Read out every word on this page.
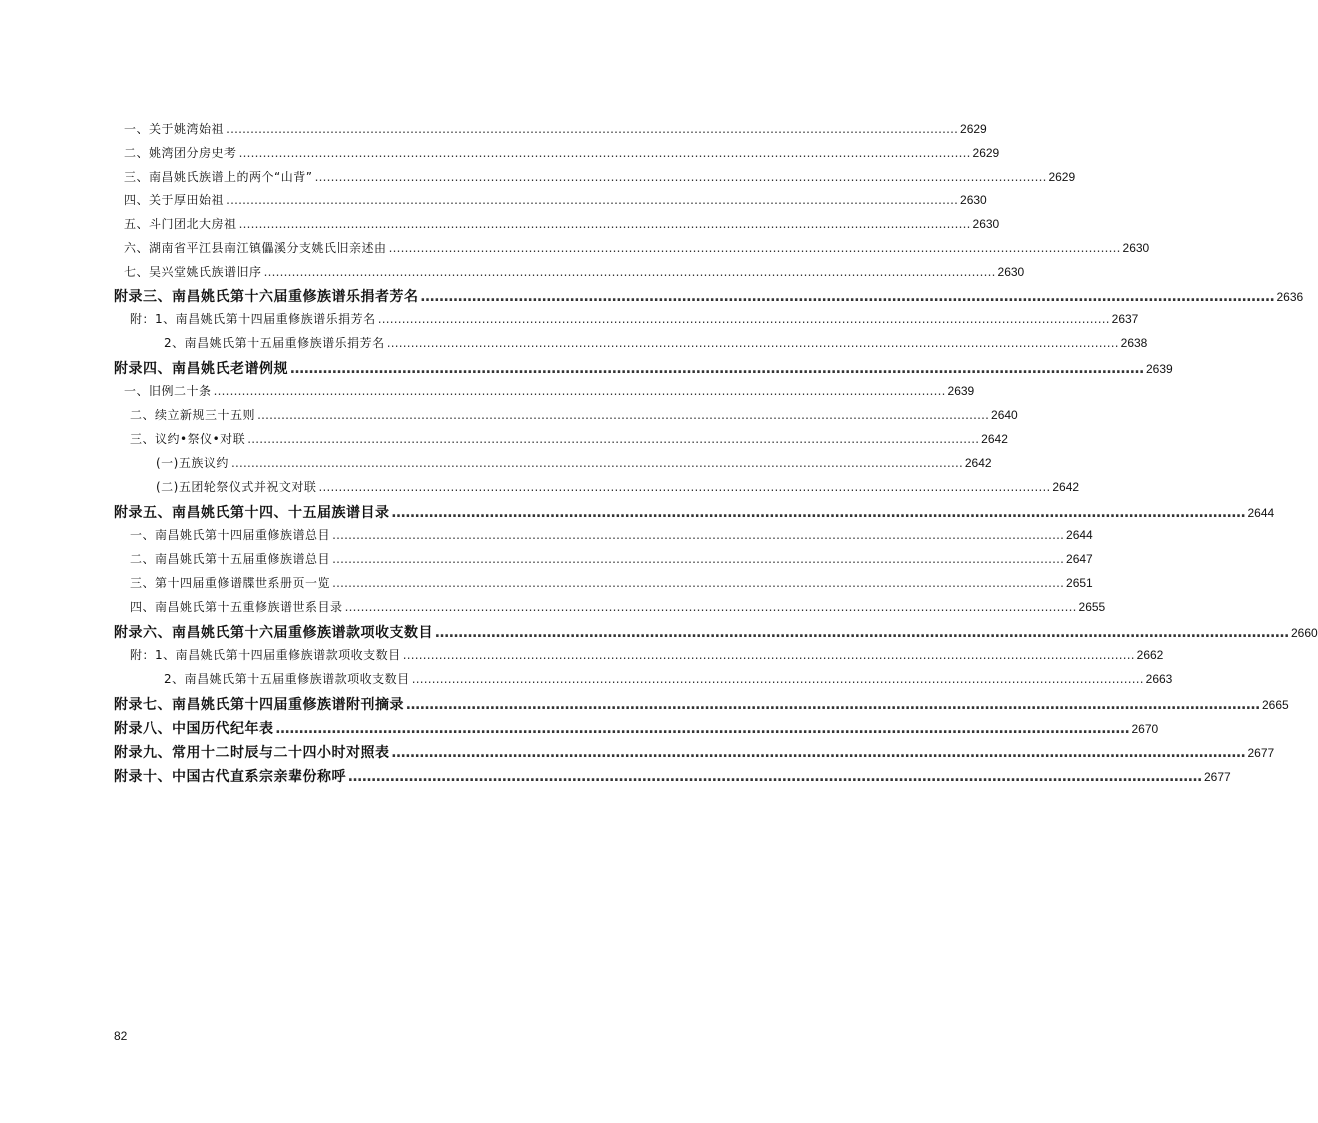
一、关于姚湾始祖 ………………………………………………………………………………………………………………………………………………………………… 2629
二、姚湾团分房史考 ………………………………………………………………………………………………………………………………………………………………… 2629
三、南昌姚氏族谱上的两个“山背” ………………………………………………………………………………………………………………………………………………………………… 2629
四、关于厚田始祖 ………………………………………………………………………………………………………………………………………………………………… 2630
五、斗门团北大房祖 ………………………………………………………………………………………………………………………………………………………………… 2630
六、湖南省平江县南江镇儡溪分支姚氏旧亲述由 ………………………………………………………………………………………………………………………………………………………………… 2630
七、吴兴堂姚氏族谱旧序 ………………………………………………………………………………………………………………………………………………………………… 2630
附录三、南昌姚氏第十六届重修族谱乐捐者芳名 ………………………………………………………………………………………………………………………………………………………………… 2636
附：1、南昌姚氏第十四届重修族谱乐捐芳名 ………………………………………………………………………………………………………………………………………………………………… 2637
2、南昌姚氏第十五届重修族谱乐捐芳名 ………………………………………………………………………………………………………………………………………………………………… 2638
附录四、南昌姚氏老谱例规 ………………………………………………………………………………………………………………………………………………………………… 2639
一、旧例二十条 ………………………………………………………………………………………………………………………………………………………………… 2639
二、续立新规三十五则 ………………………………………………………………………………………………………………………………………………………………… 2640
三、议约•祭仪•对联 ………………………………………………………………………………………………………………………………………………………………… 2642
(一)五族议约 ………………………………………………………………………………………………………………………………………………………………… 2642
(二)五团轮祭仪式并祝文对联 ………………………………………………………………………………………………………………………………………………………………… 2642
附录五、南昌姚氏第十四、十五届族谱目录 ………………………………………………………………………………………………………………………………………………………………… 2644
一、南昌姚氏第十四届重修族谱总目 ………………………………………………………………………………………………………………………………………………………………… 2644
二、南昌姚氏第十五届重修族谱总目 ………………………………………………………………………………………………………………………………………………………………… 2647
三、第十四届重修谱牒世系册页一览 ………………………………………………………………………………………………………………………………………………………………… 2651
四、南昌姚氏第十五重修族谱世系目录 ………………………………………………………………………………………………………………………………………………………………… 2655
附录六、南昌姚氏第十六届重修族谱款项收支数目 ………………………………………………………………………………………………………………………………………………………………… 2660
附：1、南昌姚氏第十四届重修族谱款项收支数目 ………………………………………………………………………………………………………………………………………………………………… 2662
2、南昌姚氏第十五届重修族谱款项收支数目 ………………………………………………………………………………………………………………………………………………………………… 2663
附录七、南昌姚氏第十四届重修族谱附刊摘录 ………………………………………………………………………………………………………………………………………………………………… 2665
附录八、中国历代纪年表 ………………………………………………………………………………………………………………………………………………………………… 2670
附录九、常用十二时辰与二十四小时对照表 ………………………………………………………………………………………………………………………………………………………………… 2677
附录十、中国古代直系宗亲辈份称呼 ………………………………………………………………………………………………………………………………………………………………… 2677
82
